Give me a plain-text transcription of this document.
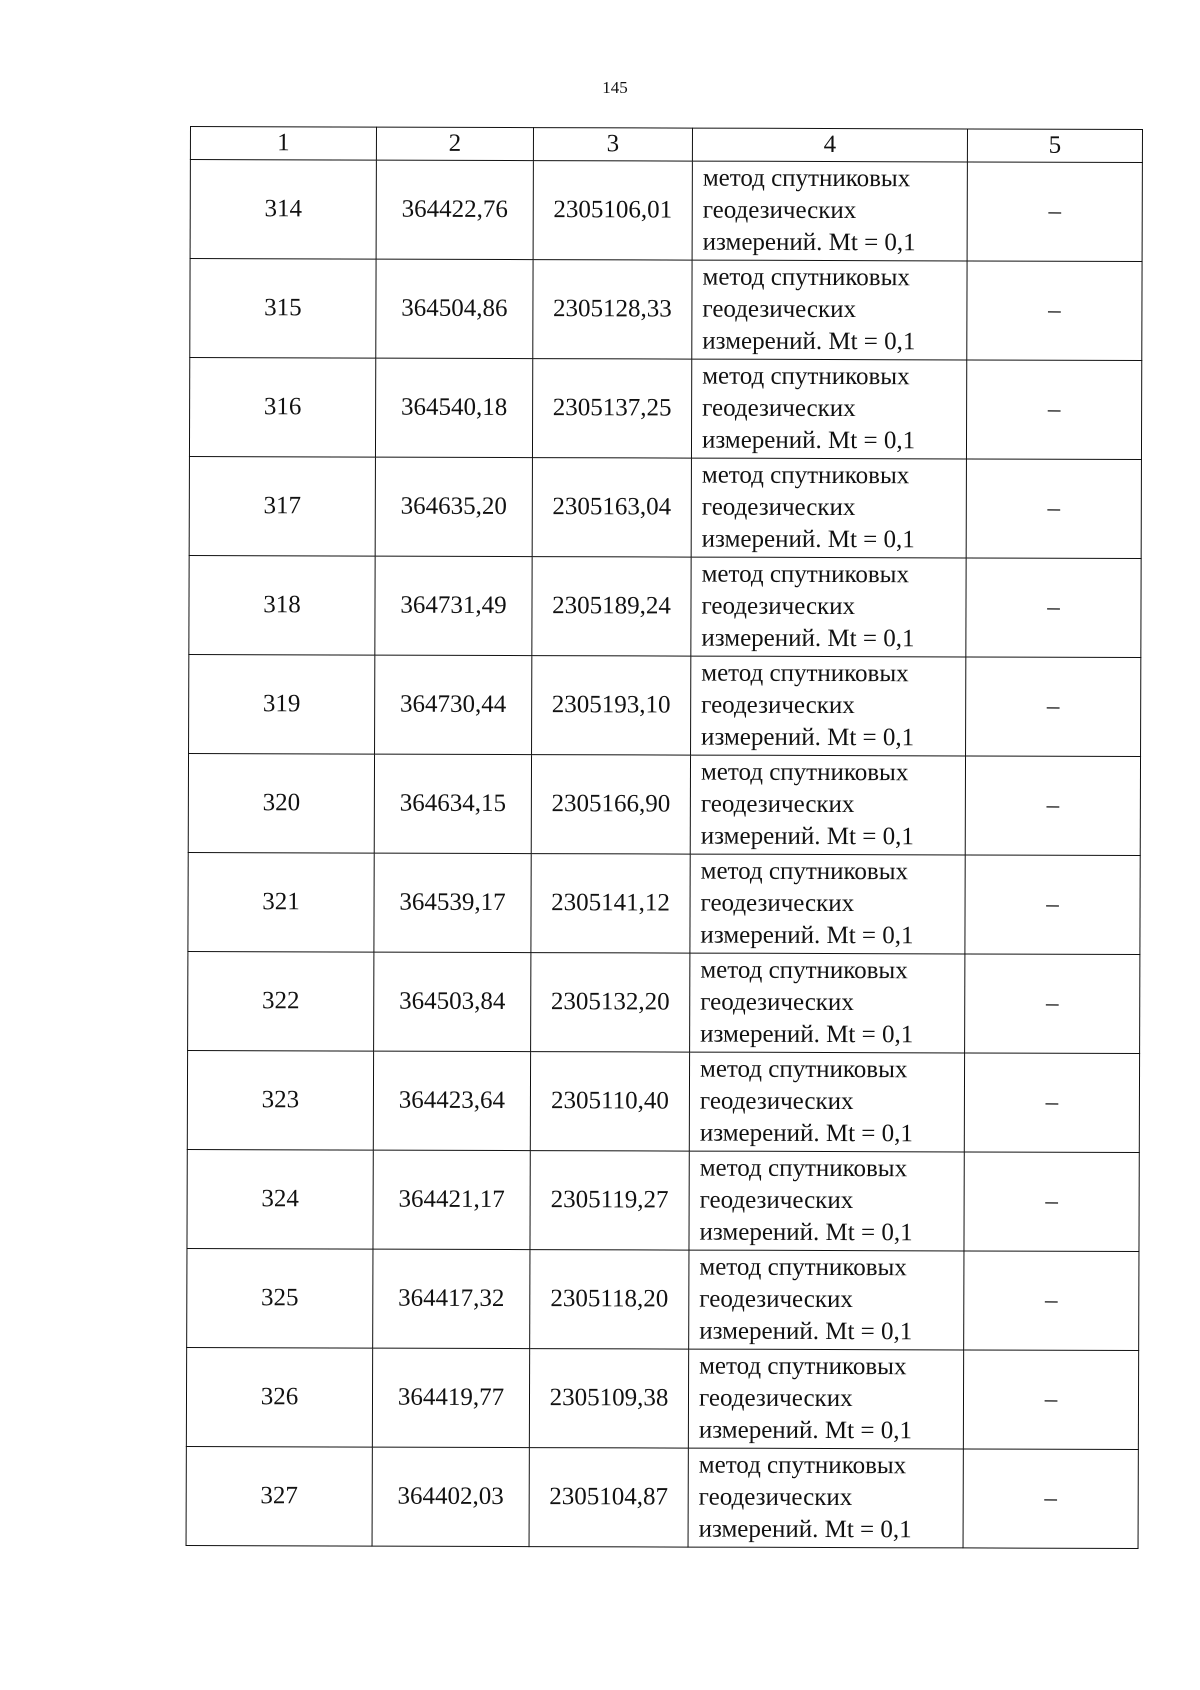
145
1	2	3	4	5
314	364422,76	2305106,01	метод спутниковых
геодезических
измерений. Mt = 0,1	–
315	364504,86	2305128,33	метод спутниковых
геодезических
измерений. Mt = 0,1	–
316	364540,18	2305137,25	метод спутниковых
геодезических
измерений. Mt = 0,1	–
317	364635,20	2305163,04	метод спутниковых
геодезических
измерений. Mt = 0,1	–
318	364731,49	2305189,24	метод спутниковых
геодезических
измерений. Mt = 0,1	–
319	364730,44	2305193,10	метод спутниковых
геодезических
измерений. Mt = 0,1	–
320	364634,15	2305166,90	метод спутниковых
геодезических
измерений. Mt = 0,1	–
321	364539,17	2305141,12	метод спутниковых
геодезических
измерений. Mt = 0,1	–
322	364503,84	2305132,20	метод спутниковых
геодезических
измерений. Mt = 0,1	–
323	364423,64	2305110,40	метод спутниковых
геодезических
измерений. Mt = 0,1	–
324	364421,17	2305119,27	метод спутниковых
геодезических
измерений. Mt = 0,1	–
325	364417,32	2305118,20	метод спутниковых
геодезических
измерений. Mt = 0,1	–
326	364419,77	2305109,38	метод спутниковых
геодезических
измерений. Mt = 0,1	–
327	364402,03	2305104,87	метод спутниковых
геодезических
измерений. Mt = 0,1	–
